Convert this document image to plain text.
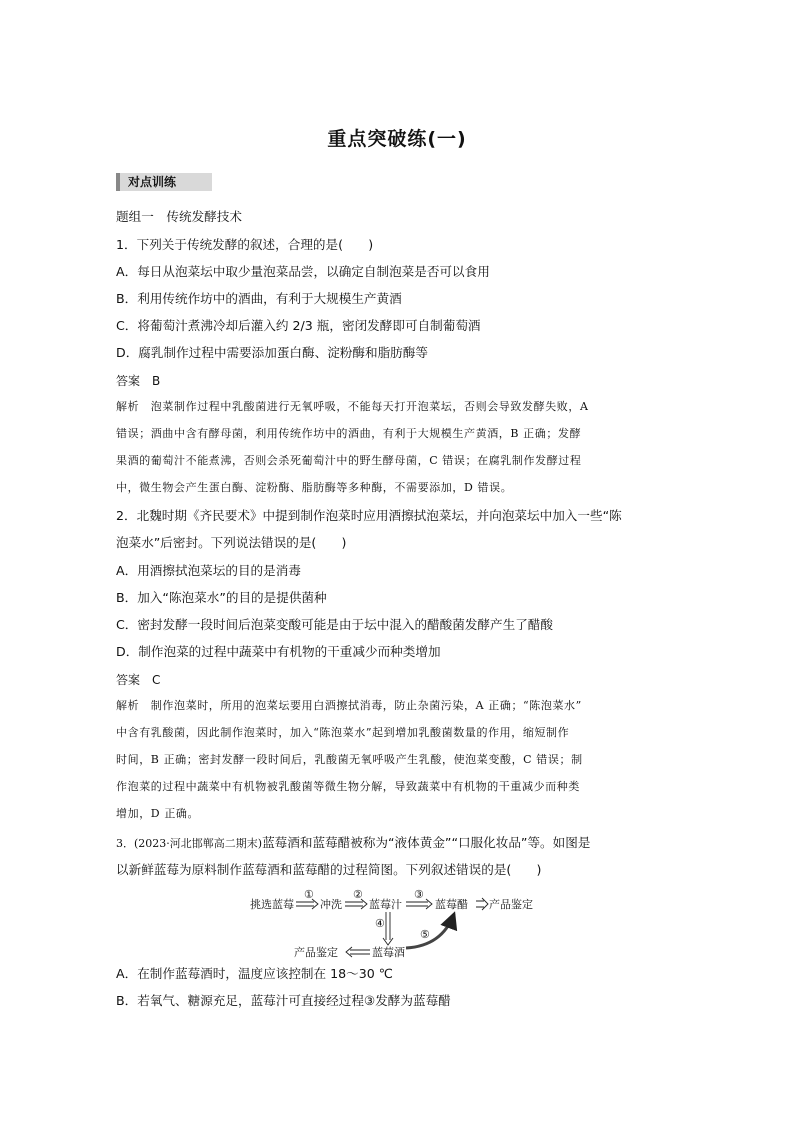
重点突破练(一)
对点训练
题组一　传统发酵技术
1．下列关于传统发酵的叙述，合理的是(　　)
A．每日从泡菜坛中取少量泡菜品尝，以确定自制泡菜是否可以食用
B．利用传统作坊中的酒曲，有利于大规模生产黄酒
C．将葡萄汁煮沸冷却后灌入约 2/3 瓶，密闭发酵即可自制葡萄酒
D．腐乳制作过程中需要添加蛋白酶、淀粉酶和脂肪酶等
答案　B
解析　泡菜制作过程中乳酸菌进行无氧呼吸，不能每天打开泡菜坛，否则会导致发酵失败，A
错误；酒曲中含有酵母菌，利用传统作坊中的酒曲，有利于大规模生产黄酒，B 正确；发酵
果酒的葡萄汁不能煮沸，否则会杀死葡萄汁中的野生酵母菌，C 错误；在腐乳制作发酵过程
中，微生物会产生蛋白酶、淀粉酶、脂肪酶等多种酶，不需要添加，D 错误。
2．北魏时期《齐民要术》中提到制作泡菜时应用酒擦拭泡菜坛，并向泡菜坛中加入一些“陈
泡菜水”后密封。下列说法错误的是(　　)
A．用酒擦拭泡菜坛的目的是消毒
B．加入“陈泡菜水”的目的是提供菌种
C．密封发酵一段时间后泡菜变酸可能是由于坛中混入的醋酸菌发酵产生了醋酸
D．制作泡菜的过程中蔬菜中有机物的干重减少而种类增加
答案　C
解析　制作泡菜时，所用的泡菜坛要用白酒擦拭消毒，防止杂菌污染，A 正确；“陈泡菜水”
中含有乳酸菌，因此制作泡菜时，加入“陈泡菜水”起到增加乳酸菌数量的作用，缩短制作
时间，B 正确；密封发酵一段时间后，乳酸菌无氧呼吸产生乳酸，使泡菜变酸，C 错误；制
作泡菜的过程中蔬菜中有机物被乳酸菌等微生物分解，导致蔬菜中有机物的干重减少而种类
增加，D 正确。
3．(2023·河北邯郸高二期末)蓝莓酒和蓝莓醋被称为“液体黄金”“口服化妆品”等。如图是
以新鲜蓝莓为原料制作蓝莓酒和蓝莓醋的过程简图。下列叙述错误的是(　　)
挑选蓝莓 冲洗 蓝莓汁	蓝莓醋 产品鉴定
①	②	③
④
⑤
产品鉴定	蓝莓酒
A．在制作蓝莓酒时，温度应该控制在 18～30 ℃
B．若氧气、糖源充足，蓝莓汁可直接经过程③发酵为蓝莓醋
